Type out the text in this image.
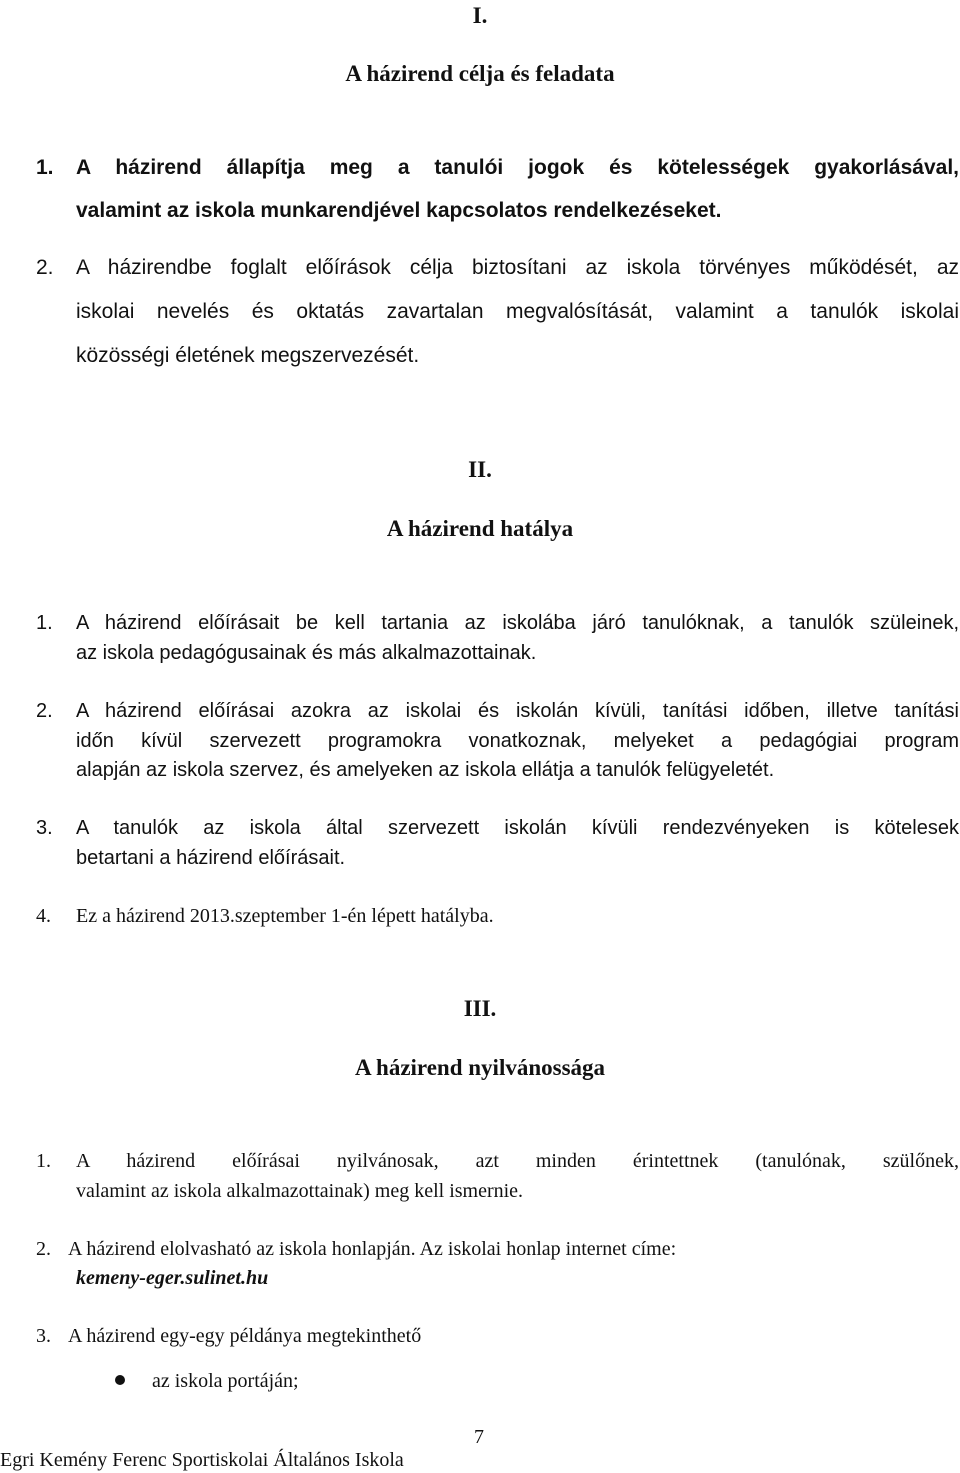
I.
A házirend célja és feladata
1. A házirend állapítja meg a tanulói jogok és kötelességek gyakorlásával,
valamint az iskola munkarendjével kapcsolatos rendelkezéseket.
2. A házirendbe foglalt előírások célja biztosítani az iskola törvényes működését, az
iskolai nevelés és oktatás zavartalan megvalósítását, valamint a tanulók iskolai
közösségi életének megszervezését.
II.
A házirend hatálya
1. A házirend előírásait be kell tartania az iskolába járó tanulóknak, a tanulók szüleinek,
az iskola pedagógusainak és más alkalmazottainak.
2. A házirend előírásai azokra az iskolai és iskolán kívüli, tanítási időben, illetve tanítási
időn kívül szervezett programokra vonatkoznak, melyeket a pedagógiai program
alapján az iskola szervez, és amelyeken az iskola ellátja a tanulók felügyeletét.
3. A tanulók az iskola által szervezett iskolán kívüli rendezvényeken is kötelesek
betartani a házirend előírásait.
4. Ez a házirend 2013.szeptember 1-én lépett hatályba.
III.
A házirend nyilvánossága
1. A házirend előírásai nyilvánosak, azt minden érintettnek (tanulónak, szülőnek,
valamint az iskola alkalmazottainak) meg kell ismernie.
2. A házirend elolvasható az iskola honlapján. Az iskolai honlap internet címe:
kemeny-eger.sulinet.hu
3. A házirend egy-egy példánya megtekinthető
az iskola portáján;
7
Egri Kemény Ferenc Sportiskolai Általános Iskola
